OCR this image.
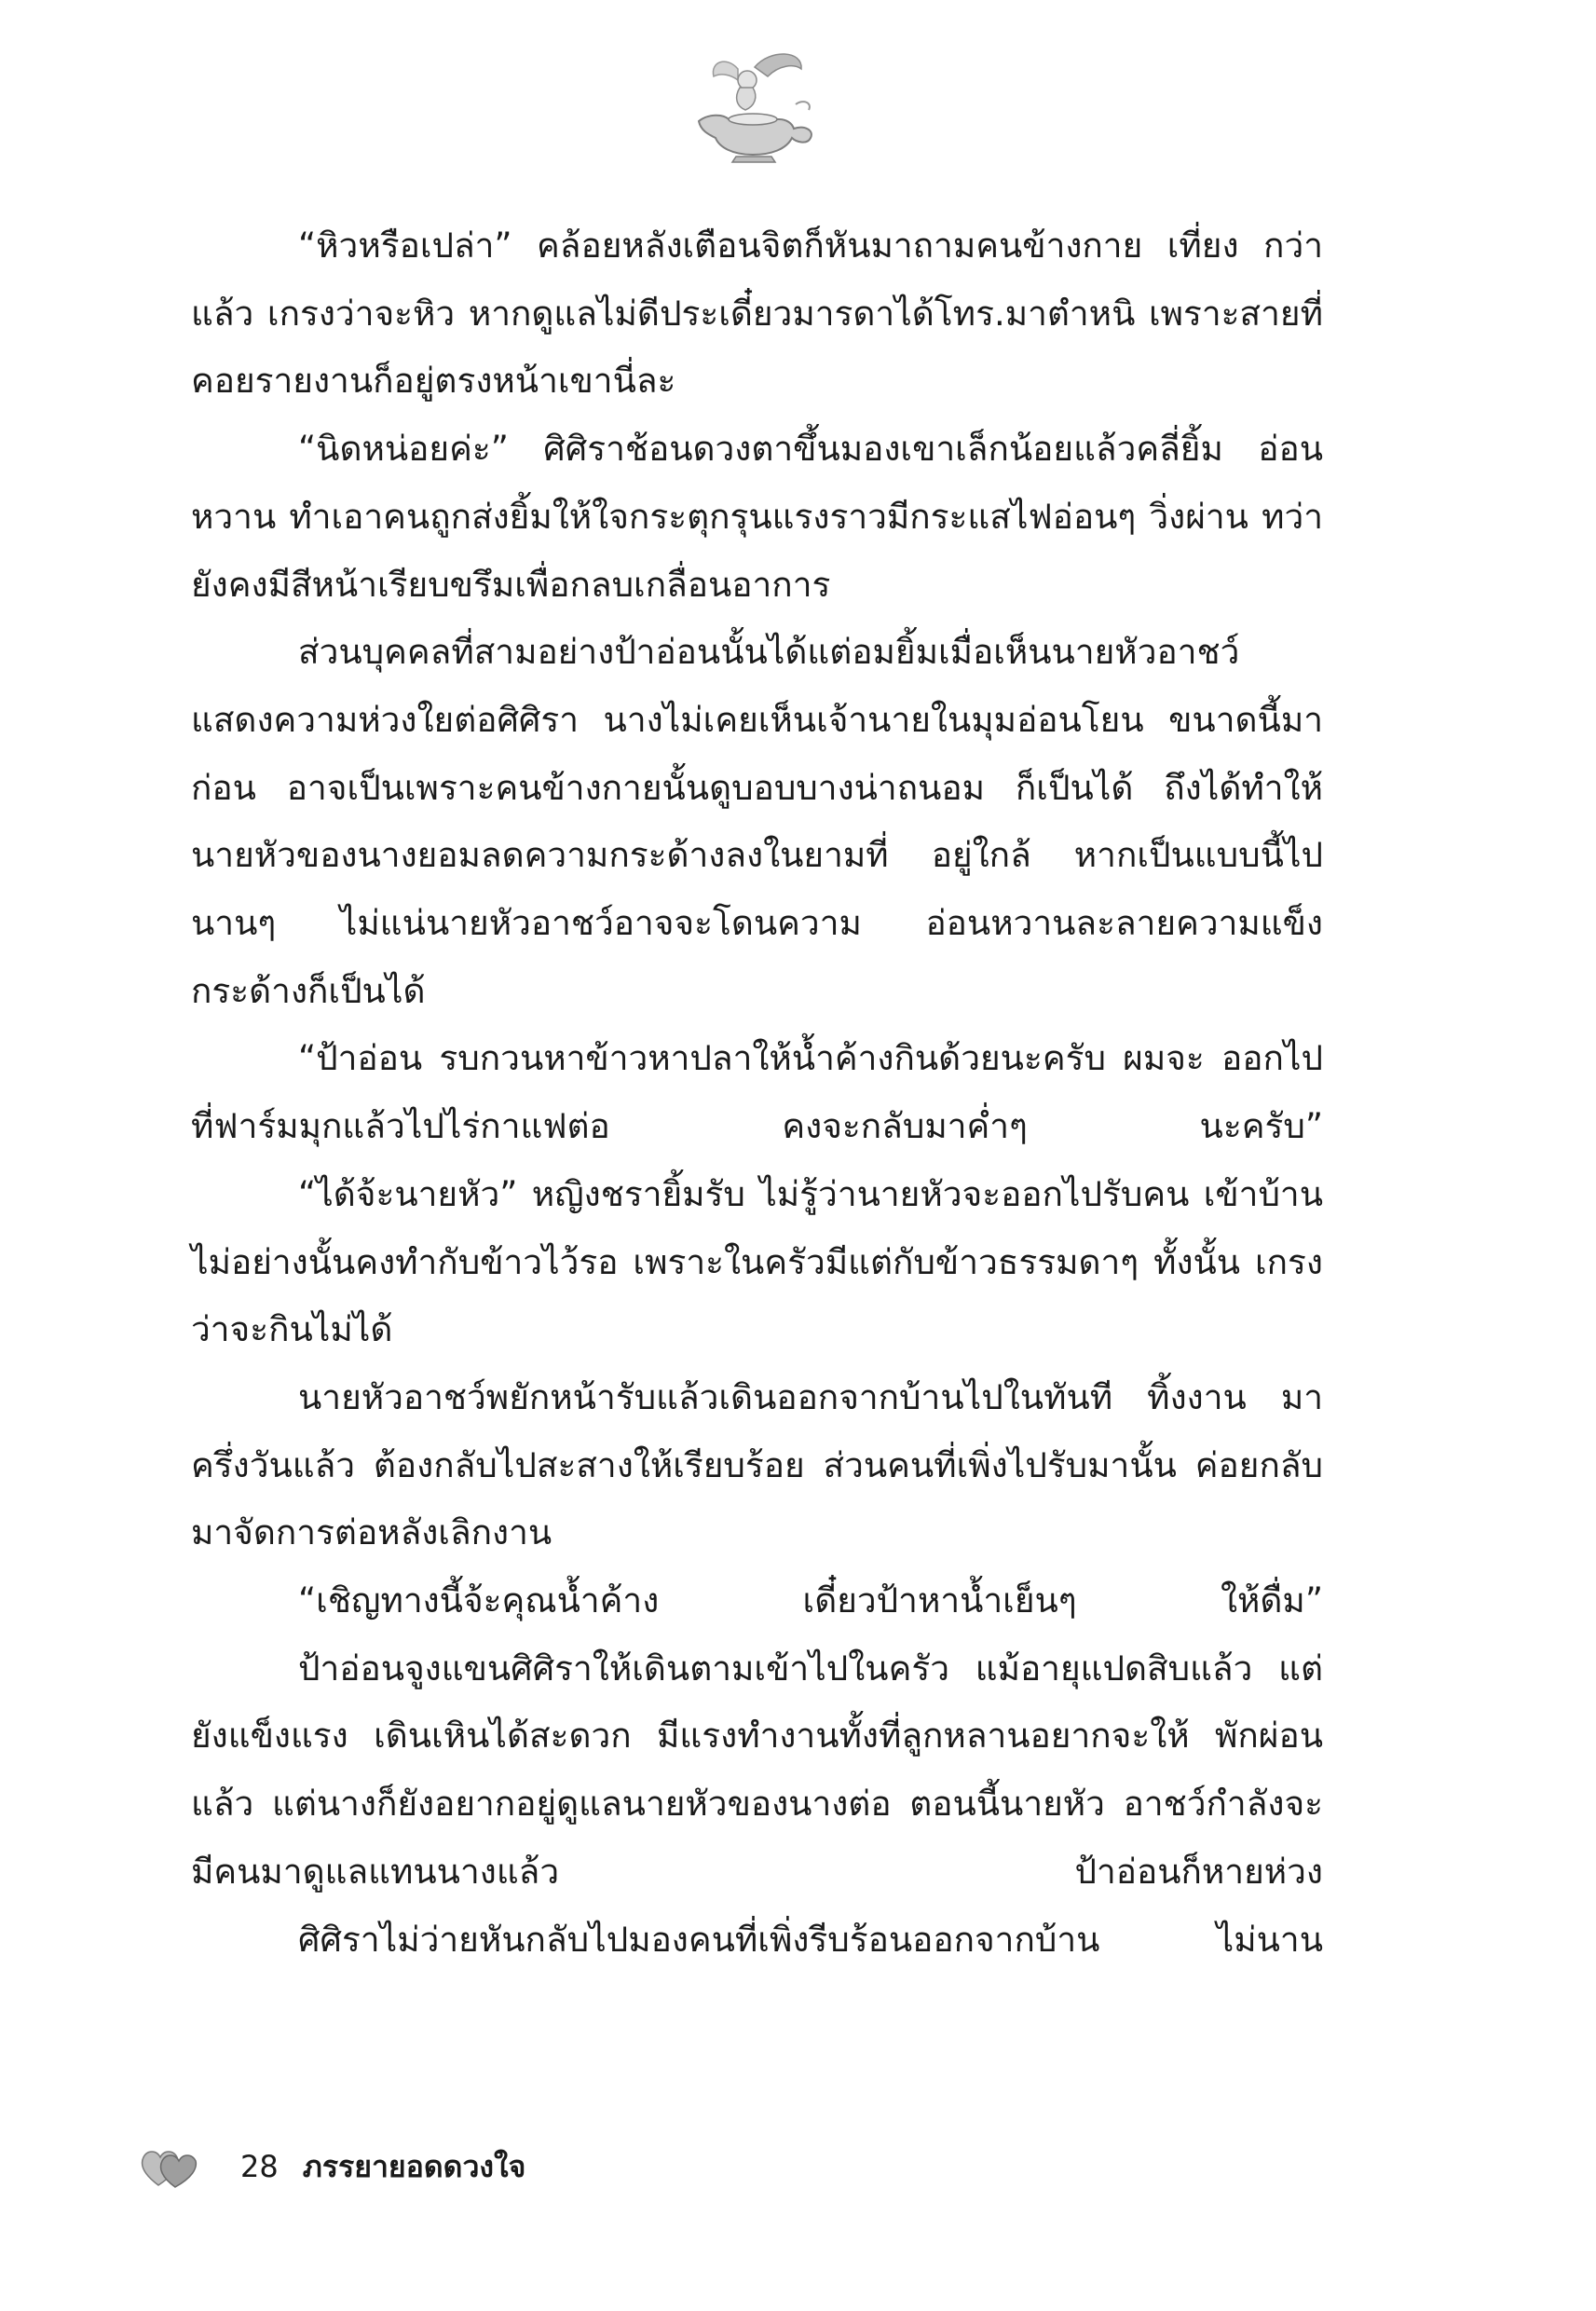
“หิวหรือเปล่า” คล้อยหลังเตือนจิตก็หันมาถามคนข้างกาย เที่ยง กว่าแล้ว เกรงว่าจะหิว หากดูแลไม่ดีประเดี๋ยวมารดาได้โทร.มาตำหนิ เพราะสายที่คอยรายงานก็อยู่ตรงหน้าเขานี่ละ

“นิดหน่อยค่ะ” ศิศิราช้อนดวงตาขึ้นมองเขาเล็กน้อยแล้วคลี่ยิ้ม อ่อนหวาน ทำเอาคนถูกส่งยิ้มให้ใจกระตุกรุนแรงราวมีกระแสไฟอ่อนๆ วิ่งผ่าน ทว่ายังคงมีสีหน้าเรียบขรึมเพื่อกลบเกลื่อนอาการ

ส่วนบุคคลที่สามอย่างป้าอ่อนนั้นได้แต่อมยิ้มเมื่อเห็นนายหัวอาชว์ แสดงความห่วงใยต่อศิศิรา นางไม่เคยเห็นเจ้านายในมุมอ่อนโยน ขนาดนี้มาก่อน อาจเป็นเพราะคนข้างกายนั้นดูบอบบางน่าถนอม ก็เป็นได้ ถึงได้ทำให้นายหัวของนางยอมลดความกระด้างลงในยามที่ อยู่ใกล้ หากเป็นแบบนี้ไปนานๆ ไม่แน่นายหัวอาชว์อาจจะโดนความ อ่อนหวานละลายความแข็งกระด้างก็เป็นได้

“ป้าอ่อน รบกวนหาข้าวหาปลาให้น้ำค้างกินด้วยนะครับ ผมจะ ออกไปที่ฟาร์มมุกแล้วไปไร่กาแฟต่อ คงจะกลับมาค่ำๆ นะครับ”

“ได้จ้ะนายหัว” หญิงชรายิ้มรับ ไม่รู้ว่านายหัวจะออกไปรับคน เข้าบ้าน ไม่อย่างนั้นคงทำกับข้าวไว้รอ เพราะในครัวมีแต่กับข้าวธรรมดาๆ ทั้งนั้น เกรงว่าจะกินไม่ได้

นายหัวอาชว์พยักหน้ารับแล้วเดินออกจากบ้านไปในทันที ทิ้งงาน มาครึ่งวันแล้ว ต้องกลับไปสะสางให้เรียบร้อย ส่วนคนที่เพิ่งไปรับมานั้น ค่อยกลับมาจัดการต่อหลังเลิกงาน

“เชิญทางนี้จ้ะคุณน้ำค้าง เดี๋ยวป้าหาน้ำเย็นๆ ให้ดื่ม”

ป้าอ่อนจูงแขนศิศิราให้เดินตามเข้าไปในครัว แม้อายุแปดสิบแล้ว แต่ยังแข็งแรง เดินเหินได้สะดวก มีแรงทำงานทั้งที่ลูกหลานอยากจะให้ พักผ่อนแล้ว แต่นางก็ยังอยากอยู่ดูแลนายหัวของนางต่อ ตอนนี้นายหัว อาชว์กำลังจะมีคนมาดูแลแทนนางแล้ว ป้าอ่อนก็หายห่วง

ศิศิราไม่ว่ายหันกลับไปมองคนที่เพิ่งรีบร้อนออกจากบ้าน ไม่นาน

28 ภรรยายอดดวงใจ
